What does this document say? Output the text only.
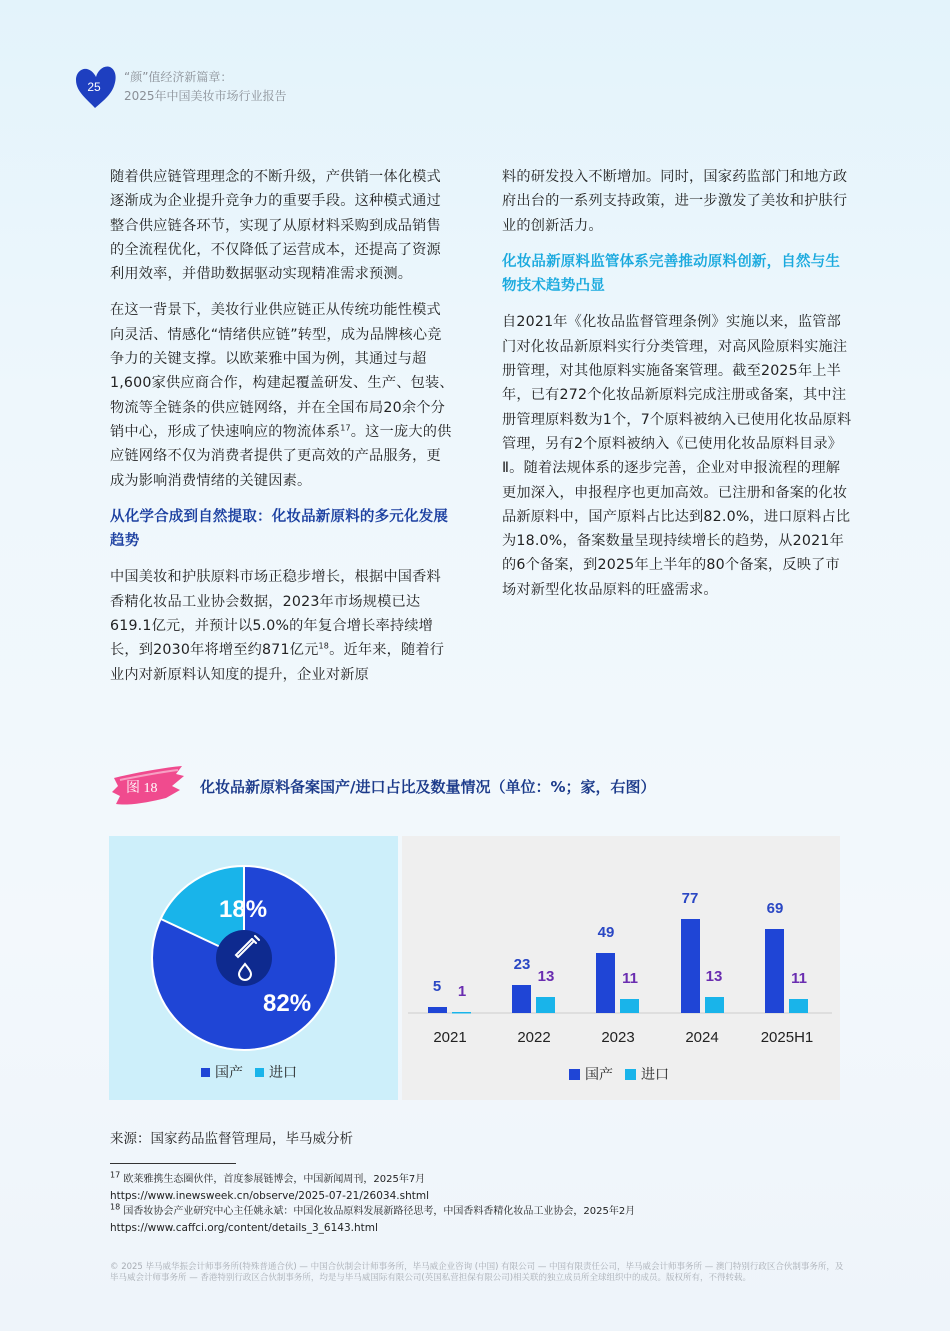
25
“颜”值经济新篇章：
2025年中国美妆市场行业报告

随着供应链管理理念的不断升级，产供销一体化模式逐渐成为企业提升竞争力的重要手段。这种模式通过整合供应链各环节，实现了从原材料采购到成品销售的全流程优化，不仅降低了运营成本，还提高了资源利用效率，并借助数据驱动实现精准需求预测。

在这一背景下，美妆行业供应链正从传统功能性模式向灵活、情感化“情绪供应链”转型，成为品牌核心竞争力的关键支撑。以欧莱雅中国为例，其通过与超1,600家供应商合作，构建起覆盖研发、生产、包装、物流等全链条的供应链网络，并在全国布局20余个分销中心，形成了快速响应的物流体系$^{17}$。这一庞大的供应链网络不仅为消费者提供了更高效的产品服务，更成为影响消费情绪的关键因素。

从化学合成到自然提取：化妆品新原料的多元化发展趋势

中国美妆和护肤原料市场正稳步增长，根据中国香料香精化妆品工业协会数据，2023年市场规模已达619.1亿元，并预计以5.0%的年复合增长率持续增长，到2030年将增至约871亿元$^{18}$。近年来，随着行业内对新原料认知度的提升，企业对新原

料的研发投入不断增加。同时，国家药监部门和地方政府出台的一系列支持政策，进一步激发了美妆和护肤行业的创新活力。

化妆品新原料监管体系完善推动原料创新，自然与生物技术趋势凸显

自2021年《化妆品监督管理条例》实施以来，监管部门对化妆品新原料实行分类管理，对高风险原料实施注册管理，对其他原料实施备案管理。截至2025年上半年，已有272个化妆品新原料完成注册或备案，其中注册管理原料数为1个，7个原料被纳入已使用化妆品原料管理，另有2个原料被纳入《已使用化妆品原料目录》Ⅱ。随着法规体系的逐步完善，企业对申报流程的理解更加深入，申报程序也更加高效。已注册和备案的化妆品新原料中，国产原料占比达到82.0%，进口原料占比为18.0%，备案数量呈现持续增长的趋势，从2021年的6个备案，到2025年上半年的80个备案，反映了市场对新型化妆品原料的旺盛需求。

图 18	化妆品新原料备案国产/进口占比及数量情况（单位：%；家，右图）
18%
82%
国产 进口
5 1
23
13
49
11
77
13
69
11
2021	2022	2023	2024	2025H1
国产 进口
来源：国家药品监督管理局，毕马威分析
$^{17}$ 欧莱雅携生态圈伙伴，首度参展链博会，中国新闻周刊，2025年7月
https://www.inewsweek.cn/observe/2025-07-21/26034.shtml
$^{18}$ 国香妆协会产业研究中心主任姚永斌：中国化妆品原料发展新路径思考，中国香料香精化妆品工业协会，2025年2月
https://www.caffci.org/content/details_3_6143.html
© 2025 毕马威华振会计师事务所(特殊普通合伙) — 中国合伙制会计师事务所，毕马威企业咨询 (中国) 有限公司 — 中国有限责任公司，毕马威会计师事务所 — 澳门特别行政区合伙制事务所，及毕马威会计师事务所 — 香港特别行政区合伙制事务所，均是与毕马威国际有限公司(英国私营担保有限公司)相关联的独立成员所全球组织中的成员。版权所有，不得转载。
